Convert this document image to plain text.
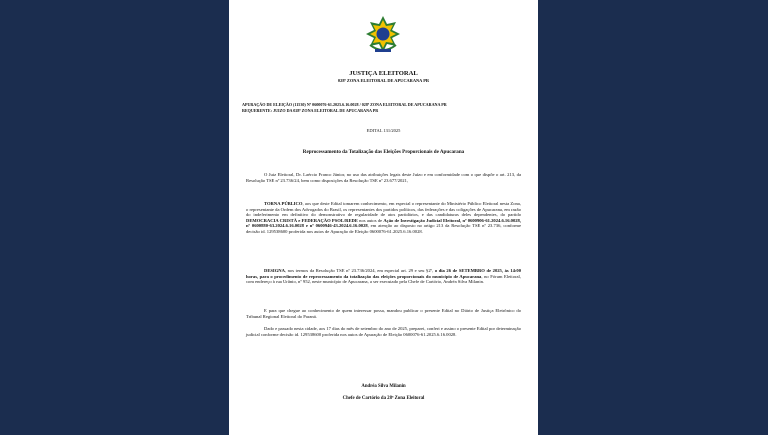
JUSTIÇA ELEITORAL
028ª ZONA ELEITORAL DE APUCARANA PR
APURAÇÃO DE ELEIÇÃO (11530) Nº 0600076-61.2025.6.16.0028 / 028ª ZONA ELEITORAL DE APUCARANA PR
REQUERENTE: JUIZO DA 028ª ZONA ELEITORAL DE APUCARANA PR
EDITAL 131/2025
Reprocessamento da Totalização das Eleições Proporcionais de Apucarana
O Juiz Eleitoral, Dr. Laércio Franco Júnior, no uso das atribuições legais deste Juízo e em conformidade com o que dispõe o art. 213, da Resolução TSE nº 23.736/24, bem como disposições da Resolução TSE nº 23.677/2021,
TORNA PÚBLICO, aos que deste Edital tomarem conhecimento, em especial o representante do Ministério Público Eleitoral nesta Zona, o representante da Ordem dos Advogados do Brasil, os representantes dos partidos políticos, das federações e das coligações de Apucarana, em razão do indeferimento em definitivo do demonstrativo de regularidade de atos partidários, e das candidaturas deles dependentes, do partido DEMOCRACIA CRISTÃ e FEDERAÇÃO PSOL/REDE nos autos de Ação de Investigação Judicial Eleitoral, nº 0600906-61.2024.6.16.0028, nº 0600880-63.2024.6.16.0028 e nº 0600946-43.2024.6.16.0028, em atenção ao disposto no artigo 213 da Resolução TSE nº 23.736, conforme decisão id. 129538600 proferida nos autos de Apuração de Eleição 0600076-61.2025.6.16.0028.
DESIGNA, nos termos da Resolução TSE nº 23.736/2024, em especial art. 29 e seu §2º, o dia 26 de SETEMBRO de 2025, às 14:00 horas, para o procedimento de reprocessamento da totalização das eleições proporcionais do município de Apucarana, no Fórum Eleitoral, com endereço à rua Urânio, nº 952, neste município de Apucarana, a ser executado pela Chefe de Cartório, Andréa Silva Milanin.
E para que chegue ao conhecimento de quem interessar possa, mandou publicar o presente Edital no Diário de Justiça Eletrônico do Tribunal Regional Eleitoral do Paraná.
Dado e passado nesta cidade, aos 17 dias do mês de setembro do ano de 2025, preparei, conferi e assino o presente Edital por determinação judicial conforme decisão id. 129538600 proferida nos autos de Apuração de Eleição 0600076-61.2025.6.16.0028.
Andréa Silva Milanin
Chefe de Cartório da 28ª Zona Eleitoral
